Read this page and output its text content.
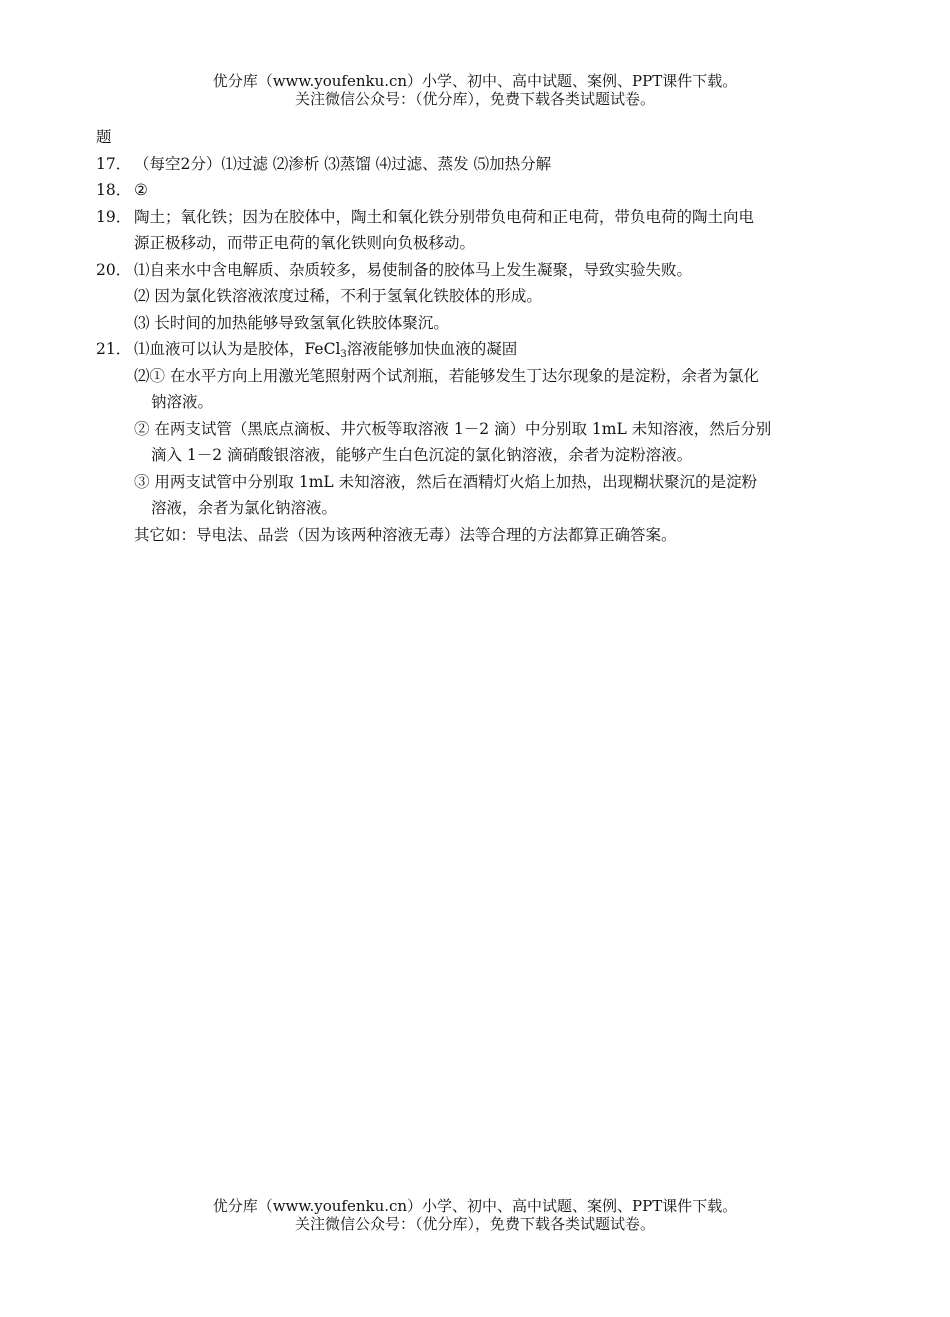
优分库（www.youfenku.cn）小学、初中、高中试题、案例、PPT课件下载。
关注微信公众号：（优分库），免费下载各类试题试卷。
题
17． （每空2分）⑴过滤 ⑵渗析 ⑶蒸馏 ⑷过滤、蒸发 ⑸加热分解
18． ②
19． 陶土；氧化铁；因为在胶体中，陶土和氧化铁分别带负电荷和正电荷，带负电荷的陶土向电
源正极移动，而带正电荷的氧化铁则向负极移动。
20． ⑴自来水中含电解质、杂质较多，易使制备的胶体马上发生凝聚，导致实验失败。
⑵ 因为氯化铁溶液浓度过稀，不利于氢氧化铁胶体的形成。
⑶ 长时间的加热能够导致氢氧化铁胶体聚沉。
21． ⑴血液可以认为是胶体，FeCl$_3$溶液能够加快血液的凝固
⑵① 在水平方向上用激光笔照射两个试剂瓶，若能够发生丁达尔现象的是淀粉，余者为氯化
钠溶液。
② 在两支试管（黑底点滴板、井穴板等取溶液 1－2 滴）中分别取 1mL 未知溶液，然后分别
滴入 1－2 滴硝酸银溶液，能够产生白色沉淀的氯化钠溶液，余者为淀粉溶液。
③ 用两支试管中分别取 1mL 未知溶液，然后在酒精灯火焰上加热，出现糊状聚沉的是淀粉
溶液，余者为氯化钠溶液。
其它如：导电法、品尝（因为该两种溶液无毒）法等合理的方法都算正确答案。
优分库（www.youfenku.cn）小学、初中、高中试题、案例、PPT课件下载。
关注微信公众号：（优分库），免费下载各类试题试卷。
